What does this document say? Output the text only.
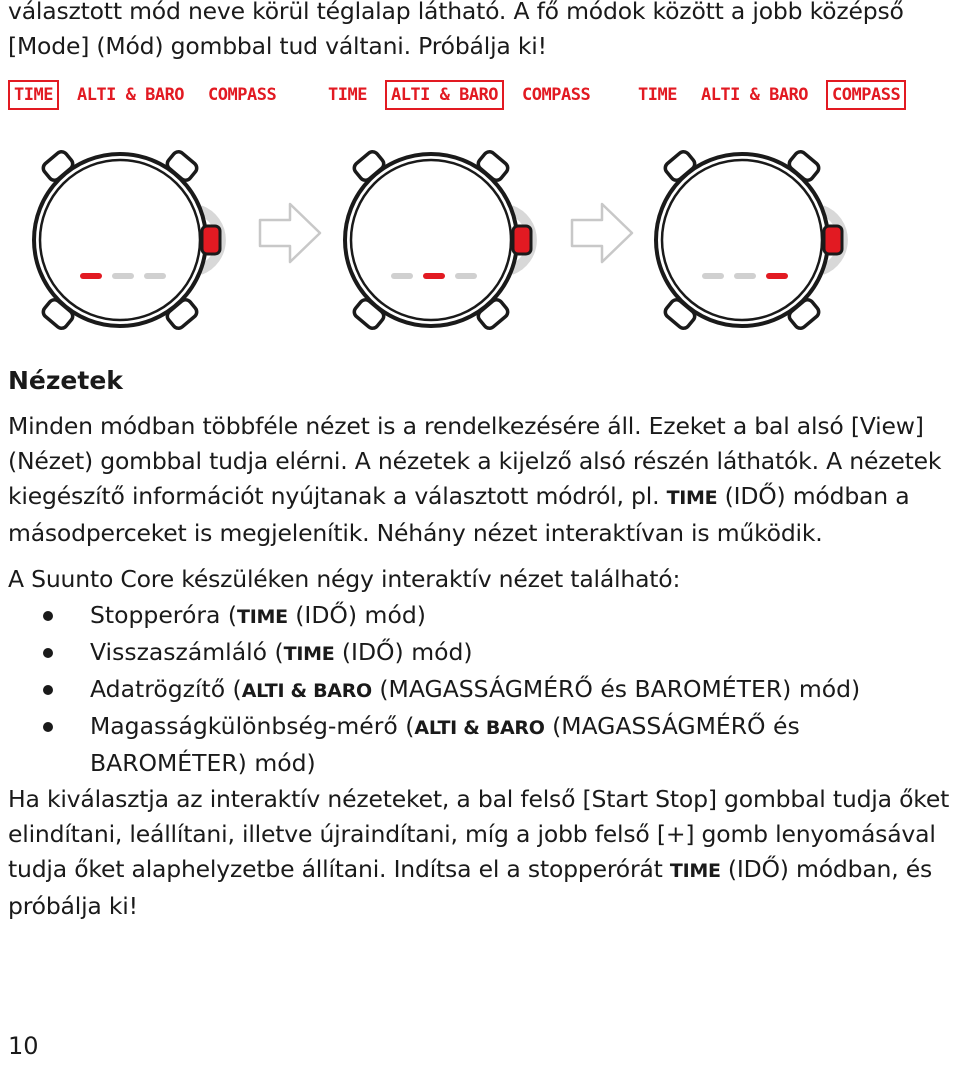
választott mód neve körül téglalap látható. A fő módok között a jobb középső
[Mode] (Mód) gombbal tud váltani. Próbálja ki!

TIME	ALTI & BARO	COMPASS	TIME	ALTI & BARO	COMPASS	TIME	ALTI & BARO	COMPASS
Nézetek

Minden módban többféle nézet is a rendelkezésére áll. Ezeket a bal alsó [View] (Nézet) gombbal tudja elérni. A nézetek a kijelző alsó részén láthatók. A nézetek kiegészítő információt nyújtanak a választott módról, pl. TIME (IDŐ) módban a másodperceket is megjelenítik. Néhány nézet interaktívan is működik.

A Suunto Core készüléken négy interaktív nézet található:

Stopperóra (TIME (IDŐ) mód)
Visszaszámláló (TIME (IDŐ) mód)
Adatrögzítő (ALTI & BARO (MAGASSÁGMÉRŐ és BAROMÉTER) mód)
Magasságkülönbség-mérő (ALTI & BARO (MAGASSÁGMÉRŐ és BAROMÉTER) mód)

Ha kiválasztja az interaktív nézeteket, a bal felső [Start Stop] gombbal tudja őket elindítani, leállítani, illetve újraindítani, míg a jobb felső [+] gomb lenyomásával tudja őket alaphelyzetbe állítani. Indítsa el a stopperórát TIME (IDŐ) módban, és próbálja ki!

10
